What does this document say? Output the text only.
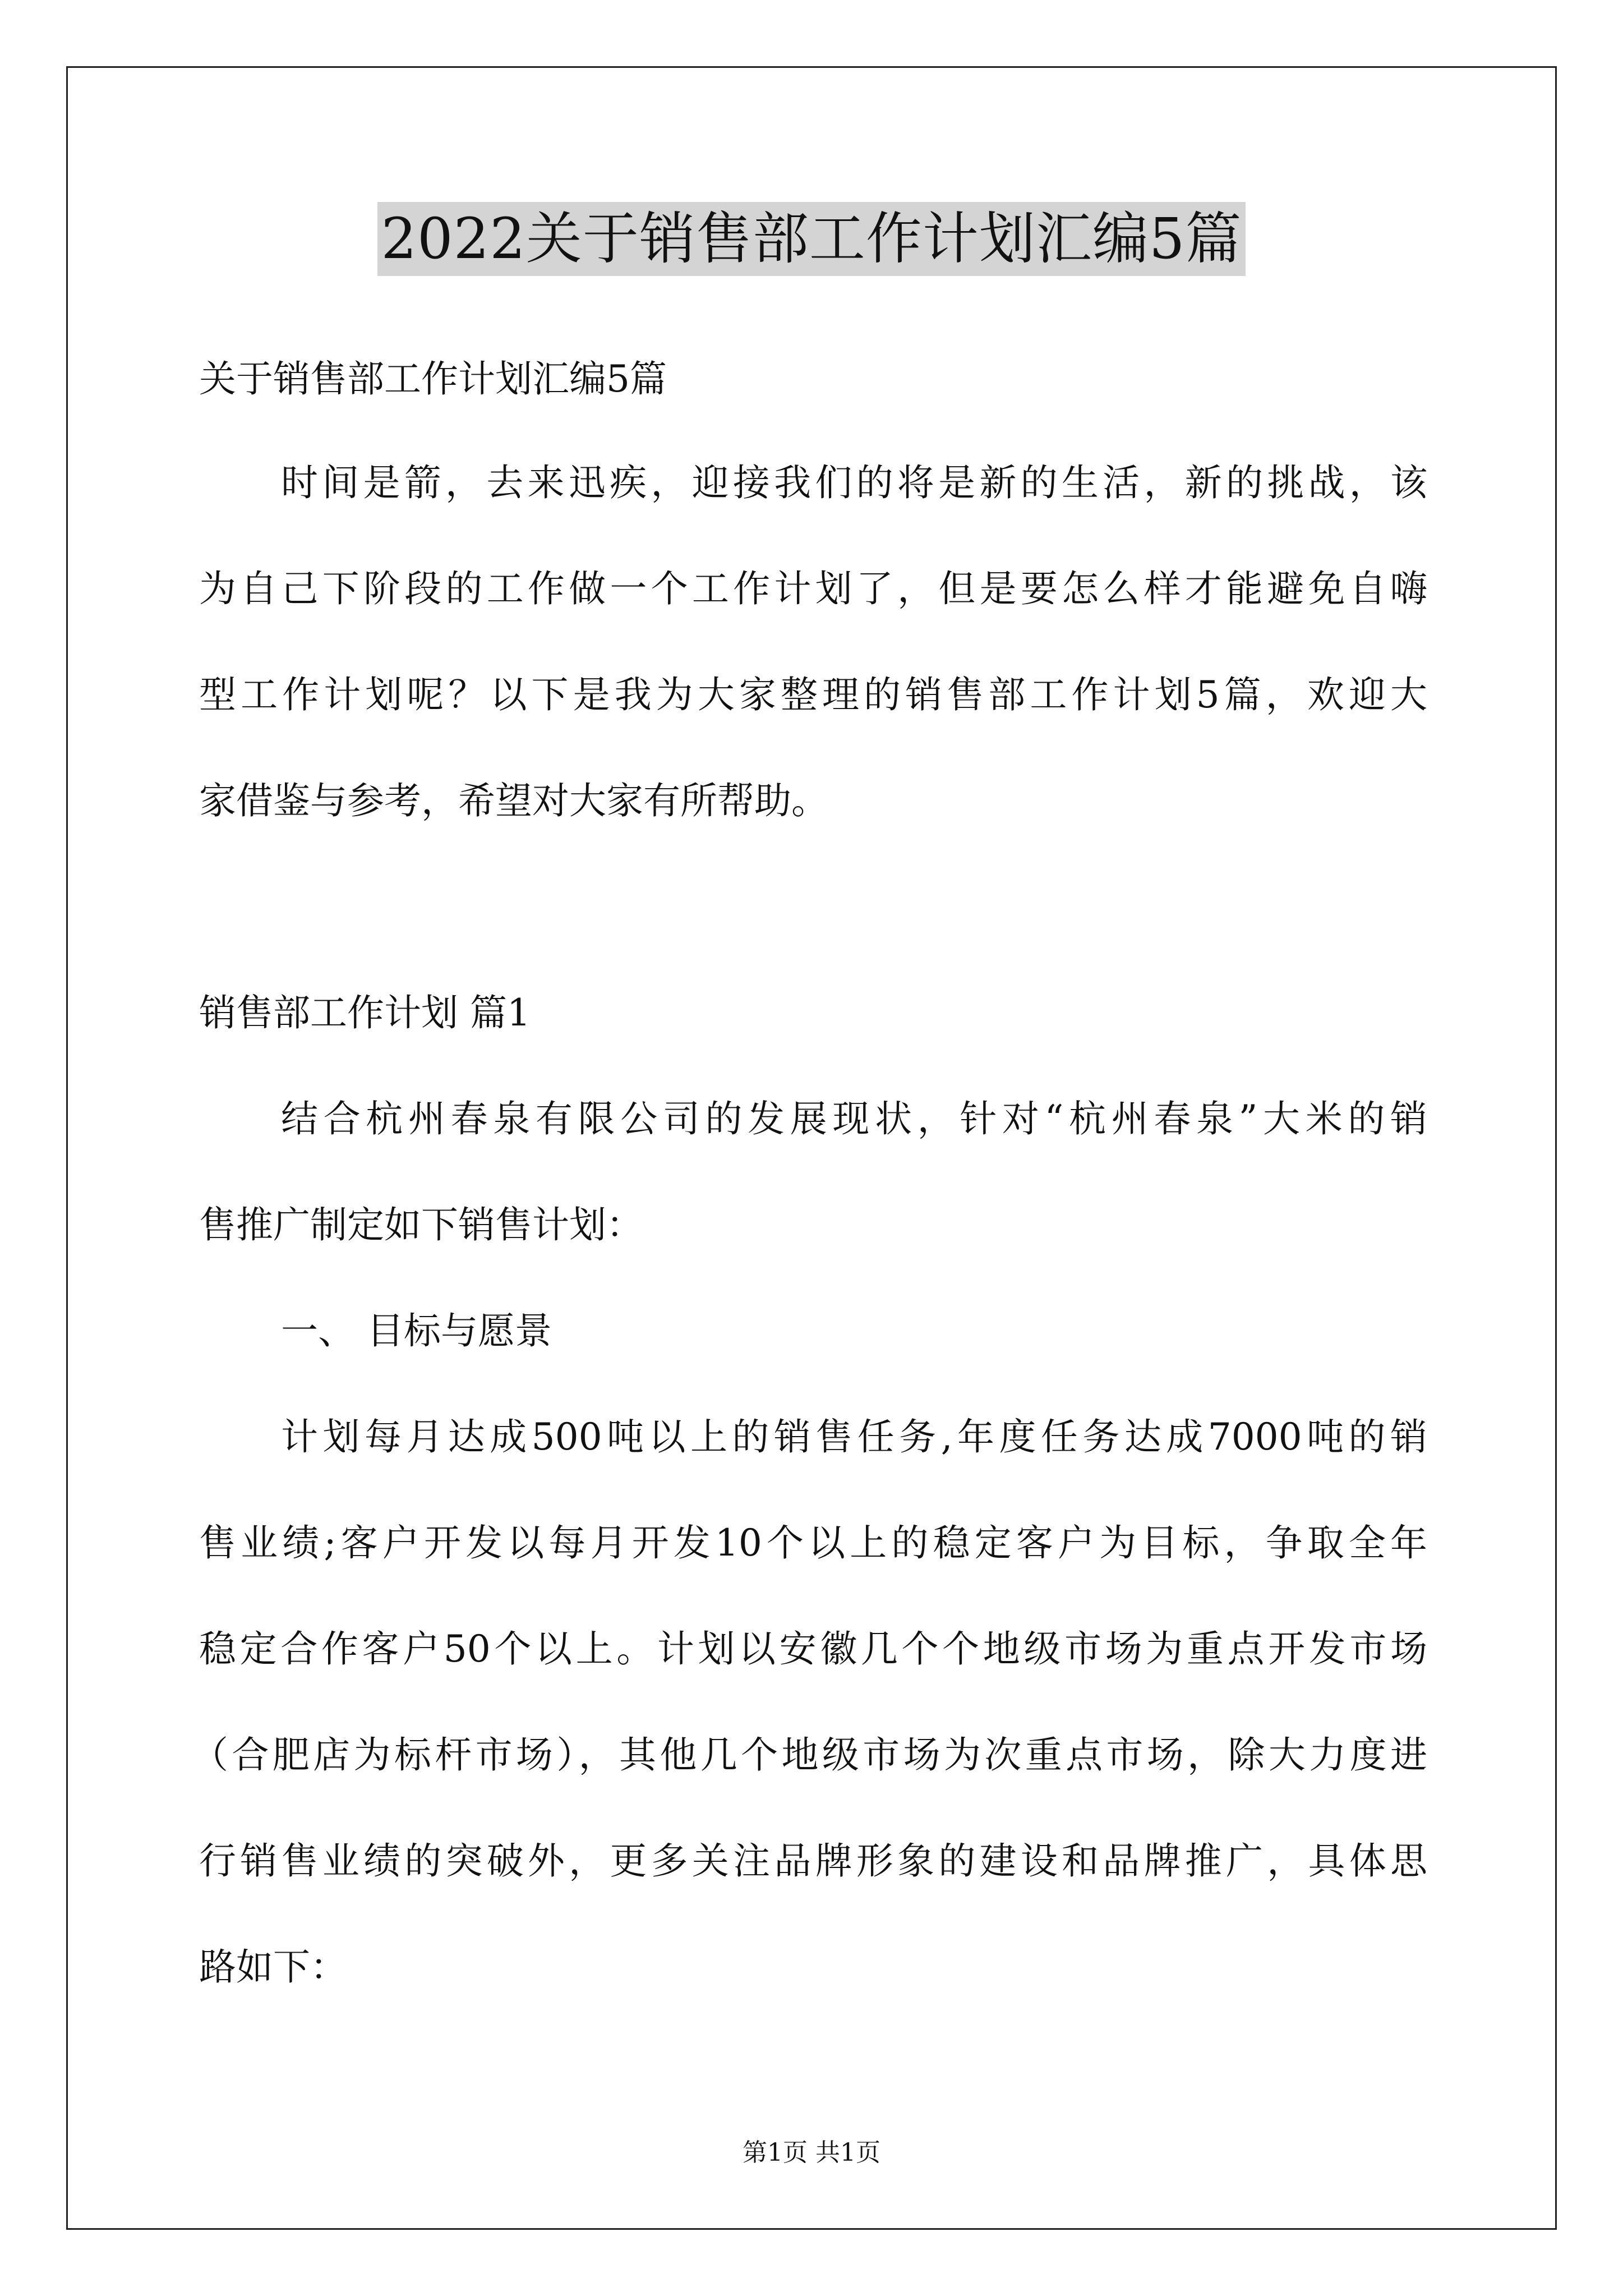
2022关于销售部工作计划汇编5篇

关于销售部工作计划汇编5篇

时间是箭，去来迅疾，迎接我们的将是新的生活，新的挑战，该

为自己下阶段的工作做一个工作计划了，但是要怎么样才能避免自嗨

型工作计划呢？以下是我为大家整理的销售部工作计划5篇，欢迎大

家借鉴与参考，希望对大家有所帮助。

销售部工作计划 篇1

结合杭州春泉有限公司的发展现状，针对“杭州春泉”大米的销

售推广制定如下销售计划：

一、 目标与愿景

计划每月达成500吨以上的销售任务,年度任务达成7000吨的销

售业绩;客户开发以每月开发10个以上的稳定客户为目标，争取全年

稳定合作客户50个以上。计划以安徽几个个地级市场为重点开发市场

（合肥店为标杆市场），其他几个地级市场为次重点市场，除大力度进

行销售业绩的突破外，更多关注品牌形象的建设和品牌推广，具体思

路如下：

第1页 共1页
